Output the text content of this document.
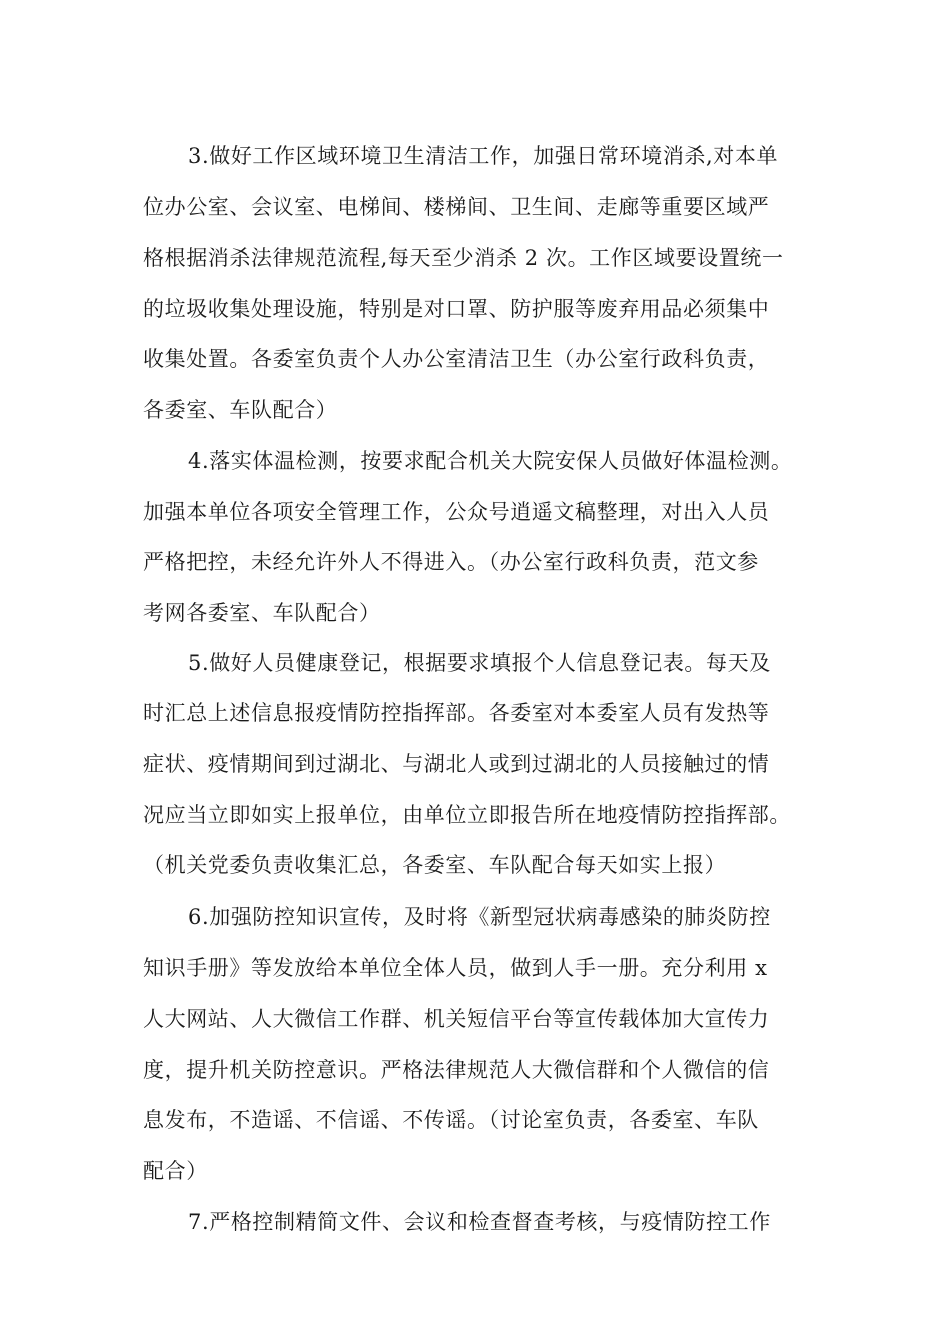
3.做好工作区域环境卫生清洁工作，加强日常环境消杀,对本单
位办公室、会议室、电梯间、楼梯间、卫生间、走廊等重要区域严
格根据消杀法律规范流程,每天至少消杀 2 次。工作区域要设置统一
的垃圾收集处理设施，特别是对口罩、防护服等废弃用品必须集中
收集处置。各委室负责个人办公室清洁卫生（办公室行政科负责，
各委室、车队配合）
4.落实体温检测，按要求配合机关大院安保人员做好体温检测。
加强本单位各项安全管理工作，公众号逍遥文稿整理，对出入人员
严格把控，未经允许外人不得进入。（办公室行政科负责，范文参
考网各委室、车队配合）
5.做好人员健康登记，根据要求填报个人信息登记表。每天及
时汇总上述信息报疫情防控指挥部。各委室对本委室人员有发热等
症状、疫情期间到过湖北、与湖北人或到过湖北的人员接触过的情
况应当立即如实上报单位，由单位立即报告所在地疫情防控指挥部。
（机关党委负责收集汇总，各委室、车队配合每天如实上报）
6.加强防控知识宣传，及时将《新型冠状病毒感染的肺炎防控
知识手册》等发放给本单位全体人员，做到人手一册。充分利用 x
人大网站、人大微信工作群、机关短信平台等宣传载体加大宣传力
度，提升机关防控意识。严格法律规范人大微信群和个人微信的信
息发布，不造谣、不信谣、不传谣。（讨论室负责，各委室、车队
配合）
7.严格控制精简文件、会议和检查督查考核，与疫情防控工作
